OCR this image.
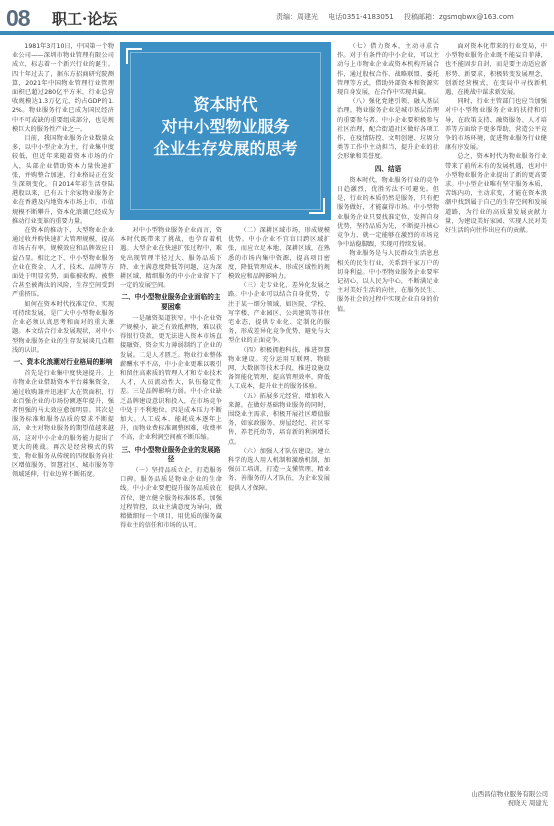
08 职工·论坛	责编：周建光 电话0351-4183051 投稿邮箱：zgsmqbwx@163.com

1981年3月10日，中国第一个物业公司——深圳市物业管理有限公司成立，标志着一个新兴行业的诞生。四十年过去了，据东方招商研究院测算，2021年中国物业管理行业管理面积已超过280亿平方米，行业总营收规模达1.3万亿元，约占GDP的1.2%。物业服务行业已成为国民经济中不可或缺的重要组成部分，也是规模巨大的服务性产业之一。

目前，我国物业服务企业数量众多，以中小型企业为主，行业集中度较低，但近年来随着资本市场的介入，头部企业借助资本力量快速扩张，并购整合加速，行业格局正在发生深刻变化。自2014年彩生活登陆港股以来，已有五十余家物业服务企业在香港及内地资本市场上市，市值规模不断攀升，资本化浪潮已经成为推动行业变革的重要力量。

在资本的推动下，大型物业企业通过收并购快速扩大管理规模，提高市场占有率，规模效应和品牌效应日益凸显。相比之下，中小型物业服务企业在资金、人才、技术、品牌等方面处于明显劣势，面临被收购、被整合甚至被淘汰的风险，生存空间受到严重挤压。

如何在资本时代找准定位、实现可持续发展，是广大中小型物业服务企业必须认真思考和面对的重大课题。本文结合行业发展现状，对中小型物业服务企业的生存发展谈几点粗浅的认识。

一、资本化浪潮对行业格局的影响

首先是行业集中度快速提升。上市物业企业借助资本平台募集资金，通过收购兼并迅速扩大在管面积，行业百强企业的市场份额逐年提升，强者恒强的马太效应愈加明显。其次是服务标准和服务品质的要求不断提高，业主对物业服务的期望值越来越高，这对中小企业的服务能力提出了更大的挑战。再次是经营模式的转变，物业服务从传统的四保服务向社区增值服务、智慧社区、城市服务等领域延伸，行业边界不断拓宽。

资本时代
对中小型物业服务
企业生存发展的思考

对中小型物业服务企业而言，资本时代既带来了挑战，也孕育着机遇。大型企业在快速扩张过程中，难免出现管理半径过大、服务品质下降、业主满意度降低等问题，这为深耕区域、精细服务的中小企业留下了一定的发展空间。

二、中小型物业服务企业面临的主要困难

一是融资渠道狭窄。中小企业资产规模小，缺乏有效抵押物，难以获得银行贷款，更无法进入资本市场直接融资，资金实力薄弱制约了企业的发展。二是人才匮乏。物业行业整体薪酬水平不高，中小企业更难以吸引和留住高素质的管理人才和专业技术人才，人员流动性大，队伍稳定性差。三是品牌影响力弱。中小企业缺乏品牌建设意识和投入，在市场竞争中处于不利地位。四是成本压力不断加大。人工成本、能耗成本逐年上升，而物业费标准调整困难，收费率不高，企业利润空间被不断压缩。

三、中小型物业服务企业的发展路径

（一）坚持品质立企，打造服务口碑。服务品质是物业企业的生命线。中小企业要把提升服务品质放在首位，建立健全服务标准体系，加强过程管控，以业主满意度为导向，做精做细每一个项目，用优质的服务赢得业主的信任和市场的认可。

（二）深耕区域市场，形成规模优势。中小企业不宜盲目跨区域扩张，而应立足本地、深耕区域，在熟悉的市场内集中资源，提高项目密度，降低管理成本，形成区域性的规模效应和品牌影响力。

（三）走专业化、差异化发展之路。中小企业可以结合自身优势，专注于某一细分领域，如医院、学校、写字楼、产业园区、公共建筑等非住宅业态，提供专业化、定制化的服务，形成差异化竞争优势，避免与大型企业的正面竞争。

（四）积极拥抱科技，推进智慧物业建设。充分运用互联网、物联网、大数据等技术手段，推进设施设备智能化管理，提高管理效率，降低人工成本，提升业主的服务体验。

（五）拓展多元经营，增加收入来源。在做好基础物业服务的同时，围绕业主需求，积极开展社区增值服务，如家政服务、房屋经纪、社区零售、养老托幼等，培育新的利润增长点。

（六）加强人才队伍建设。建立科学的选人用人机制和激励机制，加强员工培训，打造一支懂管理、精业务、善服务的人才队伍，为企业发展提供人才保障。

（七）借力资本，主动寻求合作。对于有条件的中小企业，可以主动与上市物业企业或资本机构开展合作，通过股权合作、战略联盟、委托管理等方式，借助外部资本和资源实现自身发展，在合作中实现共赢。

（八）强化党建引领，融入基层治理。物业服务企业是城市基层治理的重要参与者。中小企业要积极参与社区治理，配合街道社区做好各项工作，在疫情防控、文明创建、垃圾分类等工作中主动担当，提升企业的社会形象和美誉度。

四、结语

资本时代，物业服务行业的竞争日趋激烈，优胜劣汰不可避免。但是，行业的本质仍然是服务，只有把服务做好，才能赢得市场。中小型物业服务企业只要找准定位，发挥自身优势，坚持品质为先，不断提升核心竞争力，就一定能够在激烈的市场竞争中站稳脚跟，实现可持续发展。

物业服务是与人民群众生活息息相关的民生行业，关系到千家万户的切身利益。中小型物业服务企业要牢记初心，以人民为中心，不断满足业主对美好生活的向往，在服务民生、服务社会的过程中实现企业自身的价值。

面对资本化带来的行业变局，中小型物业服务企业既不能妄自菲薄，也不能固步自封，而是要主动适应新形势、新要求，积极转变发展理念，创新经营模式，在变局中寻找新机遇，在挑战中谋求新发展。

同时，行业主管部门也应当加强对中小型物业服务企业的扶持和引导，在政策支持、融资服务、人才培养等方面给予更多帮助，营造公平竞争的市场环境，促进物业服务行业健康有序发展。

总之，资本时代为物业服务行业带来了前所未有的发展机遇，也对中小型物业服务企业提出了新的更高要求。中小型企业唯有坚守服务本质，苦练内功，主动求变，才能在资本浪潮中找到属于自己的生存空间和发展道路，为行业的高质量发展贡献力量，为建设美好家园、实现人民对美好生活的向往作出应有的贡献。

山西昌信物业服务有限公司
祝晓天 周建光
